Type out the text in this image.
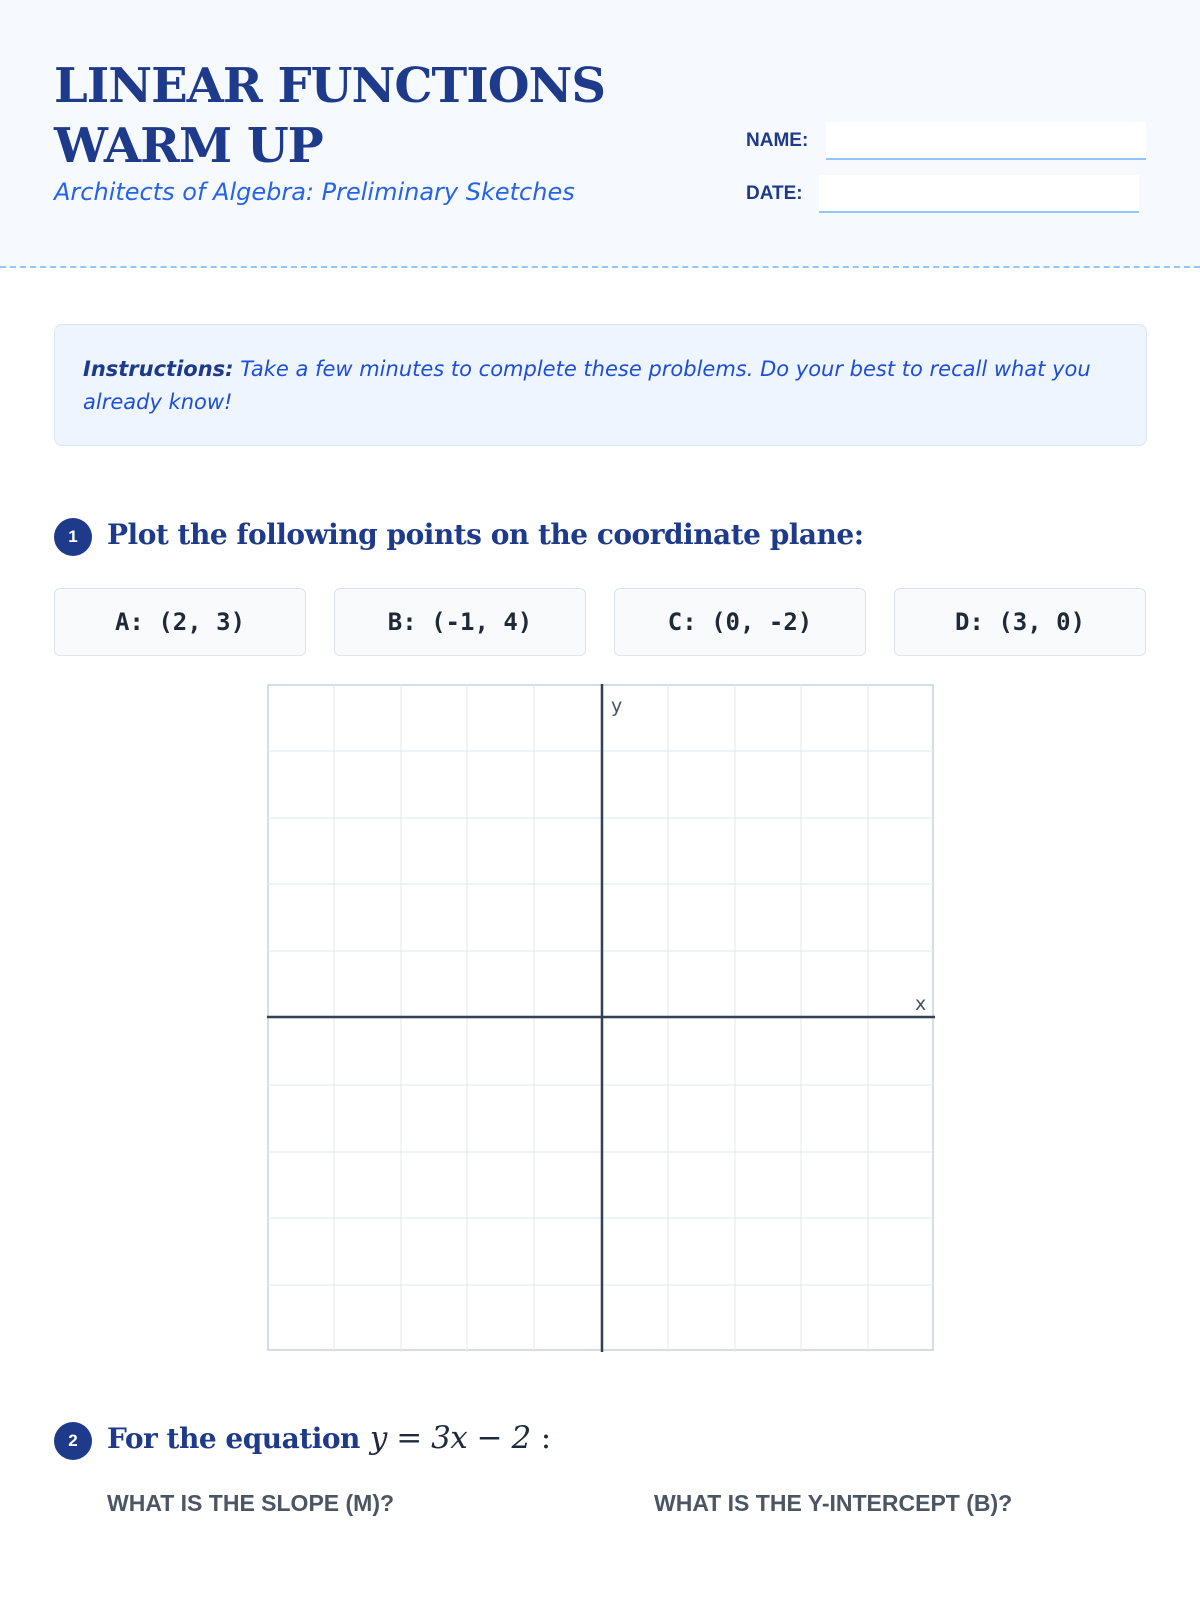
LINEAR FUNCTIONS WARM UP
Architects of Algebra: Preliminary Sketches
NAME:
DATE:
Instructions: Take a few minutes to complete these problems. Do your best to recall what you already know!
1	Plot the following points on the coordinate plane:
A: (2, 3)	B: (-1, 4)	C: (0, -2)	D: (3, 0)
x
y
2	For the equation y = 3x − 2 :
WHAT IS THE SLOPE (M)?	WHAT IS THE Y-INTERCEPT (B)?
